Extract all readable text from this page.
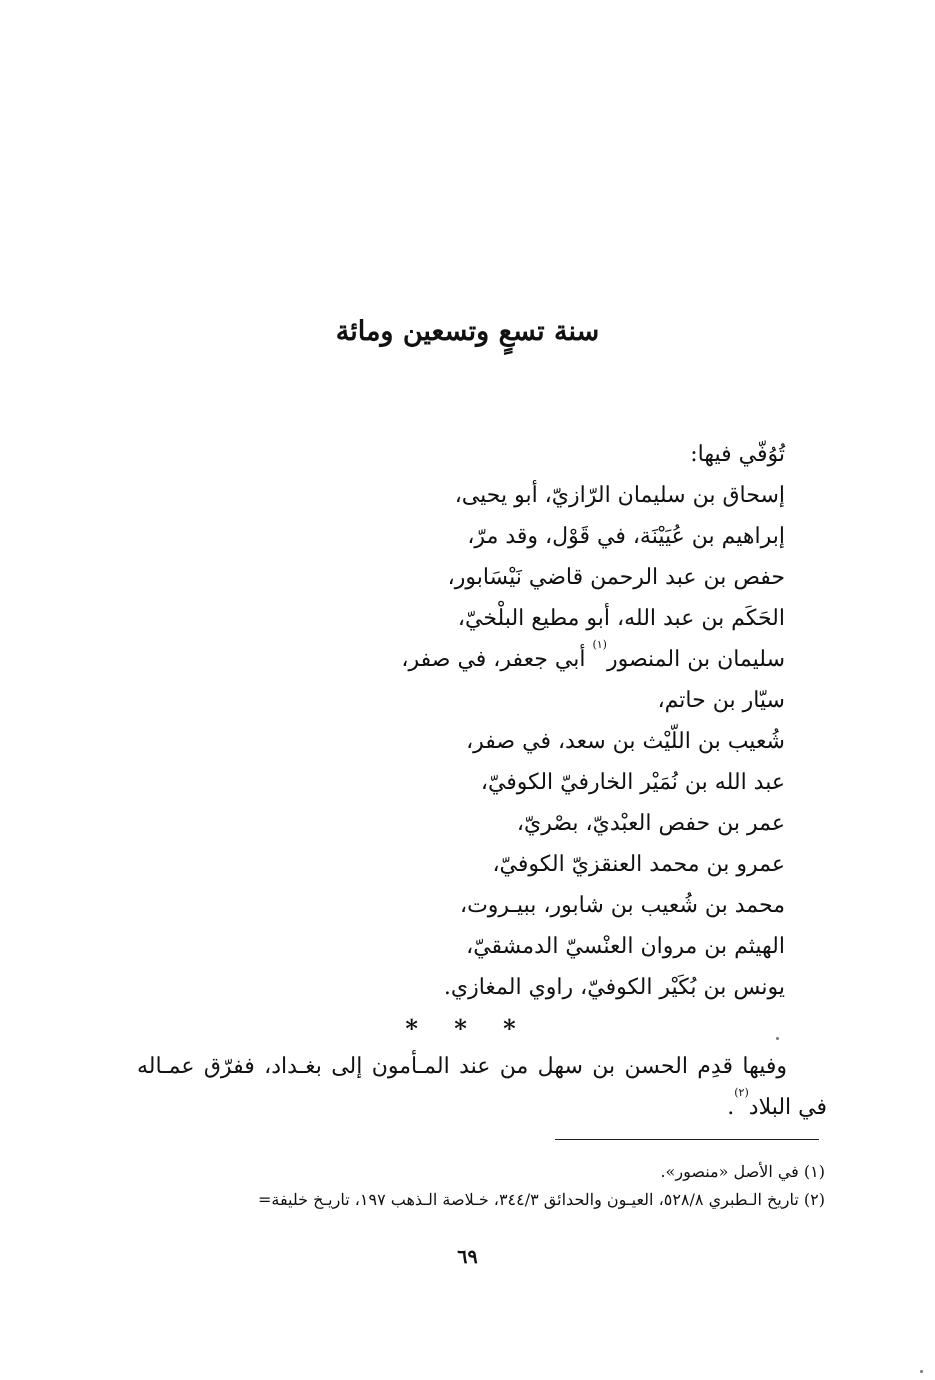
سنة تسعٍ وتسعين ومائة
تُوُفّي فيها:
إسحاق بن سليمان الرّازيّ، أبو يحيى،
إبراهيم بن عُيَيْنَة، في قَوْل، وقد مرّ،
حفص بن عبد الرحمن قاضي نَيْسَابور،
الحَكَم بن عبد الله، أبو مطيع البلْخيّ،
سليمان بن المنصور$^{(١)}$ أبي جعفر، في صفر،
سيّار بن حاتم،
شُعيب بن اللّيْث بن سعد، في صفر،
عبد الله بن نُمَيْر الخارفيّ الكوفيّ،
عمر بن حفص العبْديّ، بصْريّ،
عمرو بن محمد العنقزيّ الكوفيّ،
محمد بن شُعيب بن شابور، ببيـروت،
الهيثم بن مروان العنْسيّ الدمشقيّ،
يونس بن بُكَيْر الكوفيّ، راوي المغازي.
* * *
وفيها قدِم الحسن بن سهل من عند المـأمون إلى بغـداد، ففرّق عمـاله
في البلاد$^{(٢)}$.
(١) في الأصل «منصور».
(٢) تاريخ الـطبري ٥٢٨/٨، العيـون والحدائق ٣٤٤/٣، خـلاصة الـذهب ١٩٧، تاريـخ خليفة=
٦٩
